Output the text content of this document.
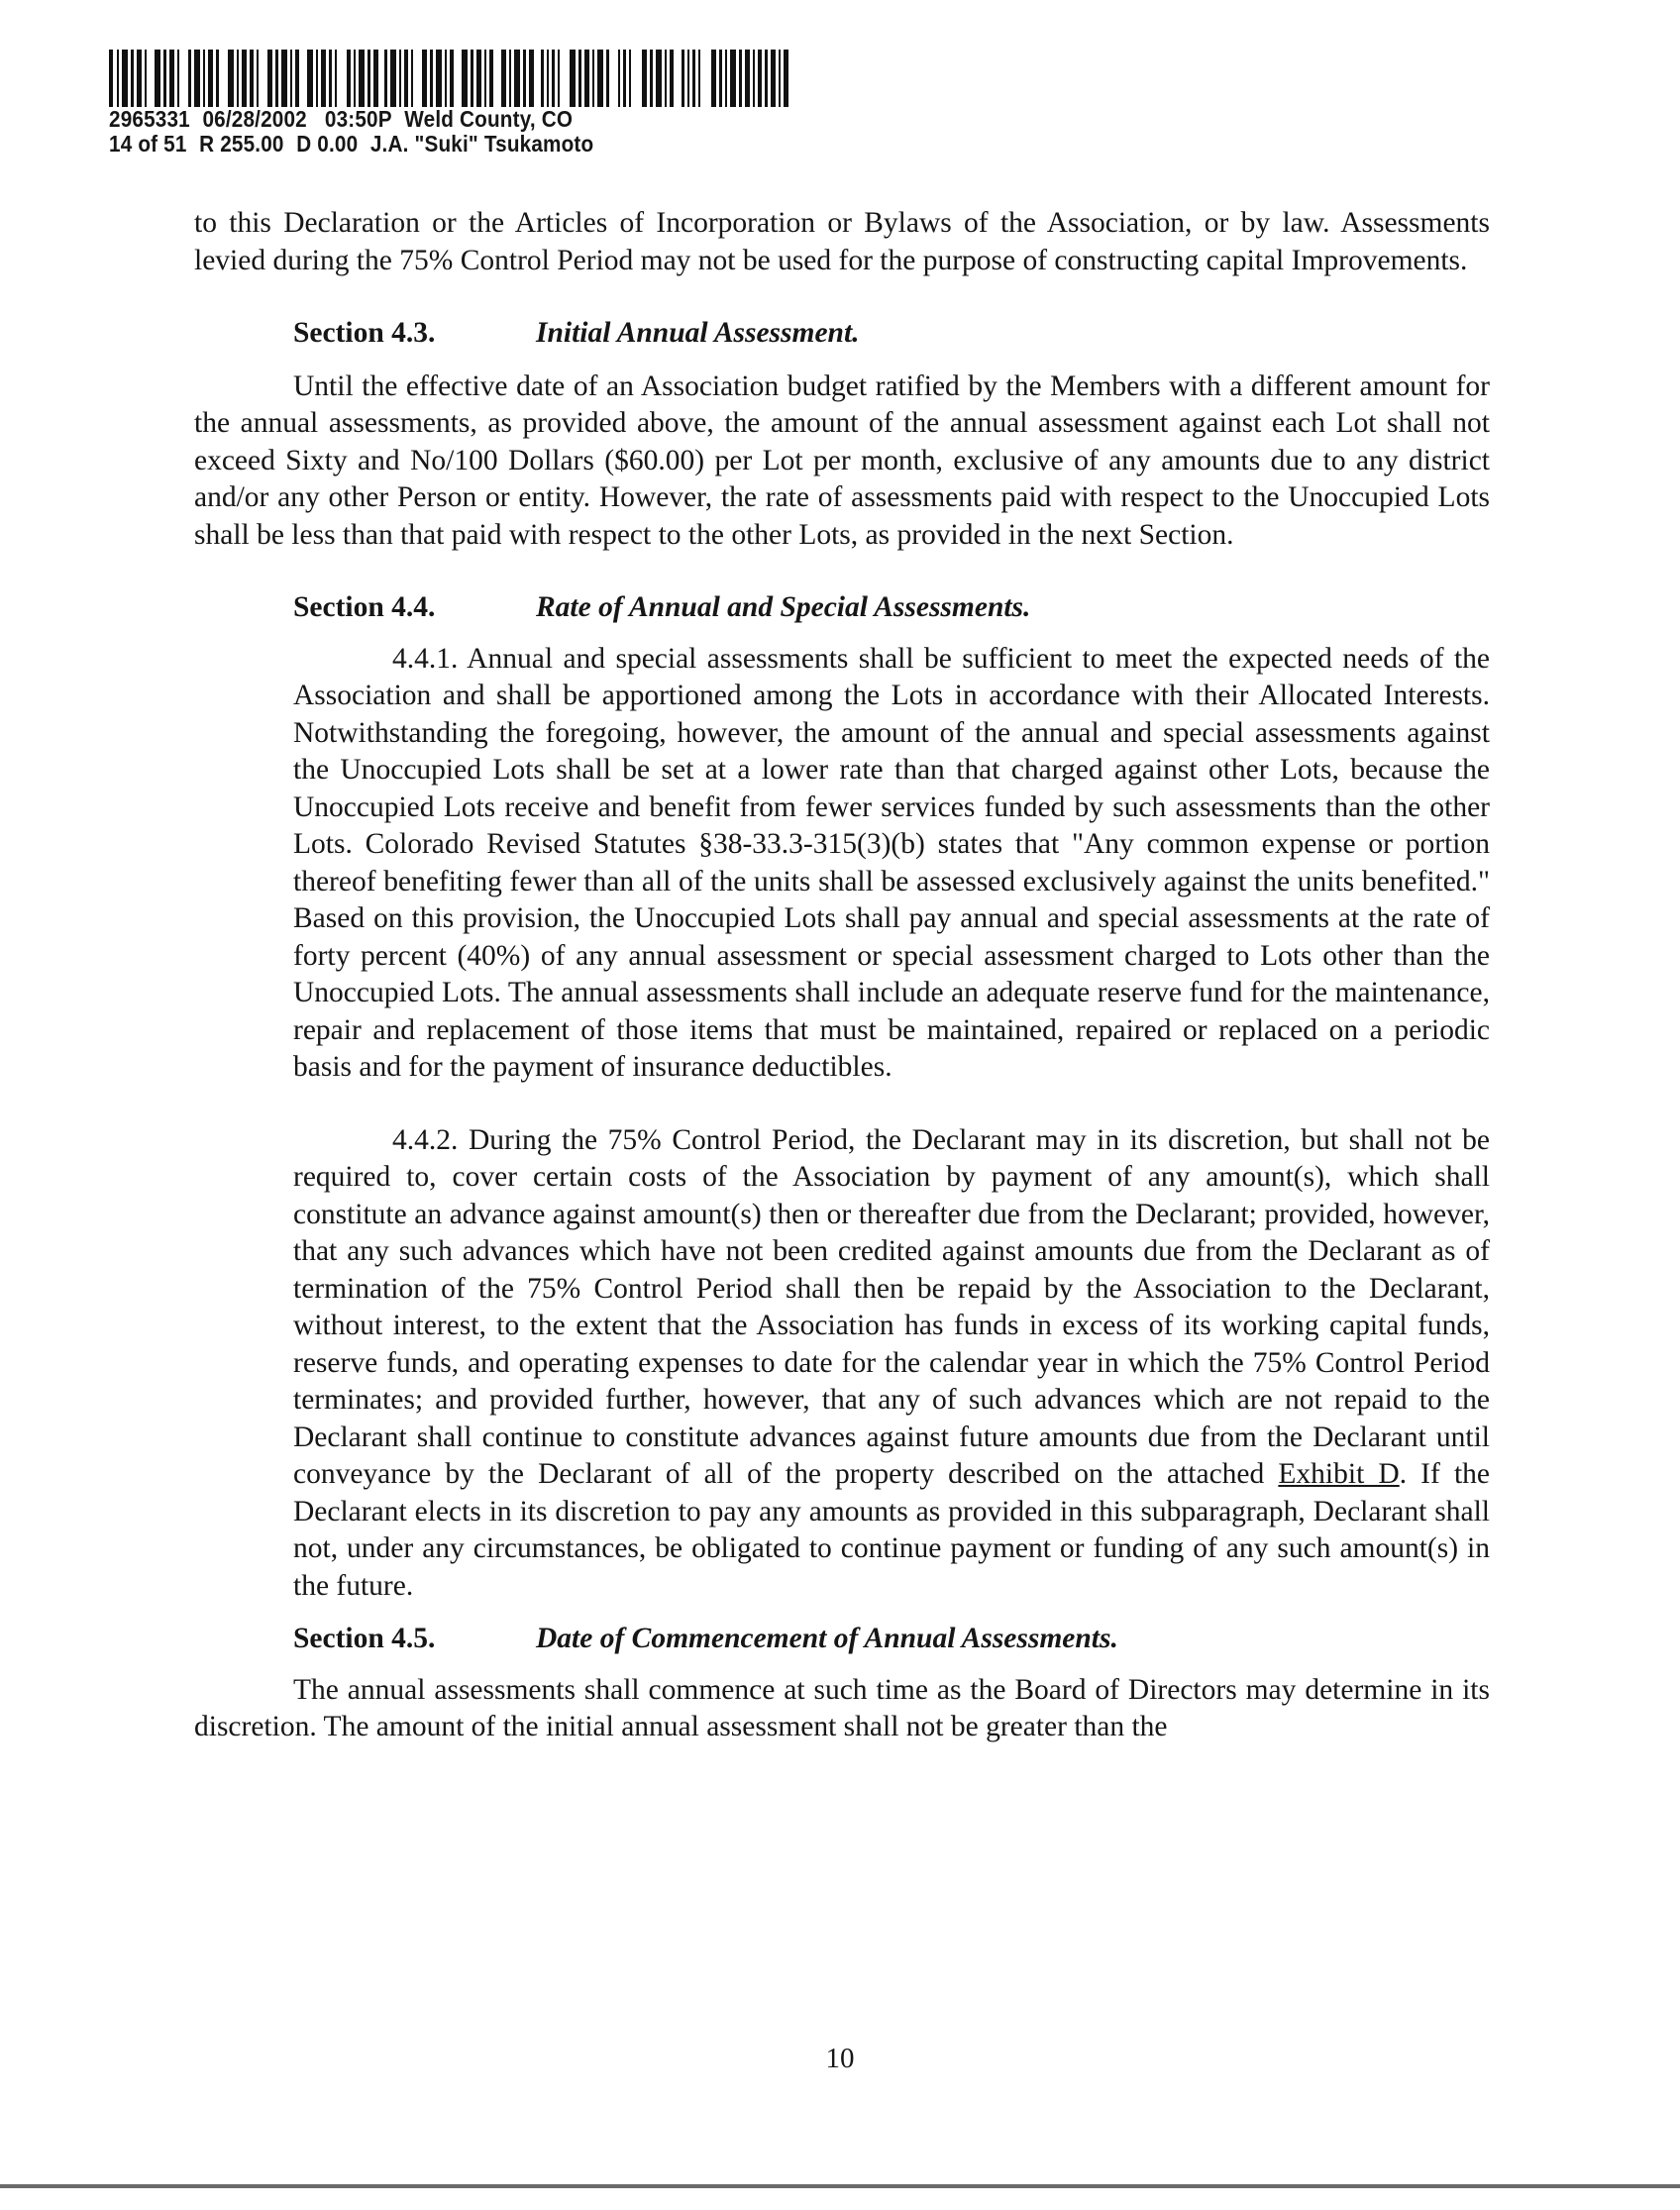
2965331 06/28/2002 03:50P Weld County, CO
14 of 51 R 255.00 D 0.00 J.A. "Suki" Tsukamoto

to this Declaration or the Articles of Incorporation or Bylaws of the Association, or by law. Assessments levied during the 75% Control Period may not be used for the purpose of constructing capital Improvements.

Section 4.3.	Initial Annual Assessment.

Until the effective date of an Association budget ratified by the Members with a different amount for the annual assessments, as provided above, the amount of the annual assessment against each Lot shall not exceed Sixty and No/100 Dollars ($60.00) per Lot per month, exclusive of any amounts due to any district and/or any other Person or entity. However, the rate of assessments paid with respect to the Unoccupied Lots shall be less than that paid with respect to the other Lots, as provided in the next Section.

Section 4.4.	Rate of Annual and Special Assessments.

4.4.1. Annual and special assessments shall be sufficient to meet the expected needs of the Association and shall be apportioned among the Lots in accordance with their Allocated Interests. Notwithstanding the foregoing, however, the amount of the annual and special assessments against the Unoccupied Lots shall be set at a lower rate than that charged against other Lots, because the Unoccupied Lots receive and benefit from fewer services funded by such assessments than the other Lots. Colorado Revised Statutes §38-33.3-315(3)(b) states that "Any common expense or portion thereof benefiting fewer than all of the units shall be assessed exclusively against the units benefited." Based on this provision, the Unoccupied Lots shall pay annual and special assessments at the rate of forty percent (40%) of any annual assessment or special assessment charged to Lots other than the Unoccupied Lots. The annual assessments shall include an adequate reserve fund for the maintenance, repair and replacement of those items that must be maintained, repaired or replaced on a periodic basis and for the payment of insurance deductibles.

4.4.2. During the 75% Control Period, the Declarant may in its discretion, but shall not be required to, cover certain costs of the Association by payment of any amount(s), which shall constitute an advance against amount(s) then or thereafter due from the Declarant; provided, however, that any such advances which have not been credited against amounts due from the Declarant as of termination of the 75% Control Period shall then be repaid by the Association to the Declarant, without interest, to the extent that the Association has funds in excess of its working capital funds, reserve funds, and operating expenses to date for the calendar year in which the 75% Control Period terminates; and provided further, however, that any of such advances which are not repaid to the Declarant shall continue to constitute advances against future amounts due from the Declarant until conveyance by the Declarant of all of the property described on the attached Exhibit D. If the Declarant elects in its discretion to pay any amounts as provided in this subparagraph, Declarant shall not, under any circumstances, be obligated to continue payment or funding of any such amount(s) in the future.

Section 4.5.	Date of Commencement of Annual Assessments.

The annual assessments shall commence at such time as the Board of Directors may determine in its discretion. The amount of the initial annual assessment shall not be greater than the

10
